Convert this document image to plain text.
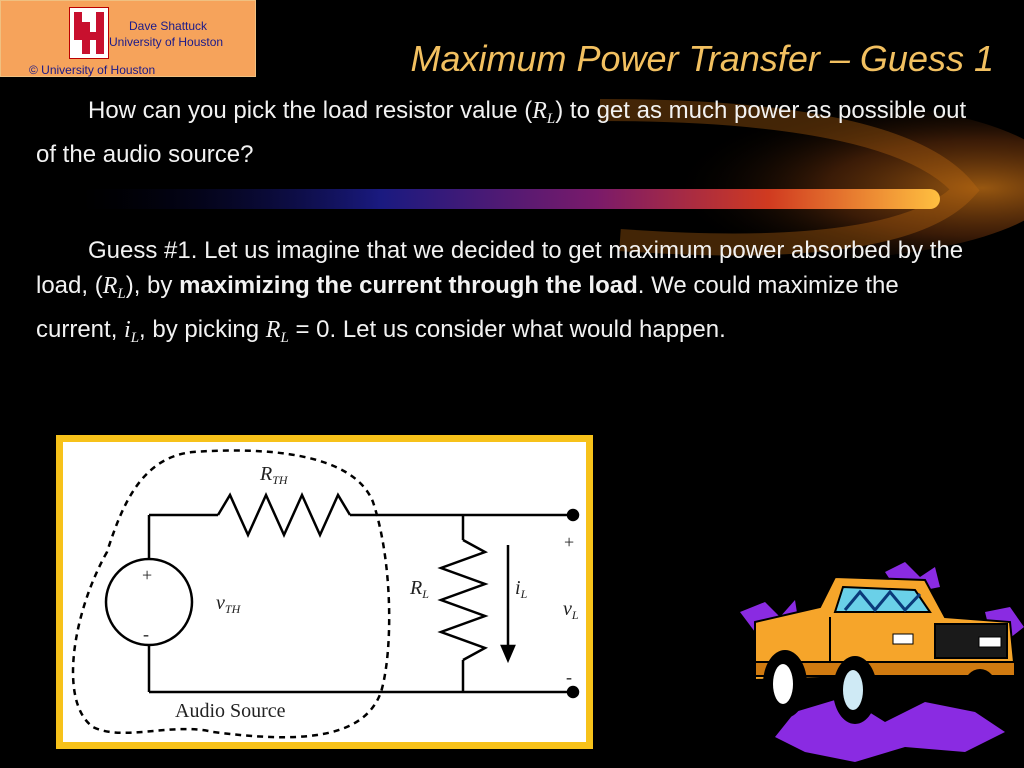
Dave Shattuck
University of Houston
© University of Houston	Maximum Power Transfer – Guess 1
How can you pick the load resistor value $(R_L)$ to get as much power as possible out of the audio source?
Guess #1. Let us imagine that we decided to get maximum power absorbed by the load, $(R_L)$, by maximizing the current through the load. We could maximize the current, $i_L$, by picking $R_L = 0$. Let us consider what would happen.
$R_{TH}$
$v_{TH}$
+
-
$R_L$	$i_L$
+
$v_L$
-
Audio Source
